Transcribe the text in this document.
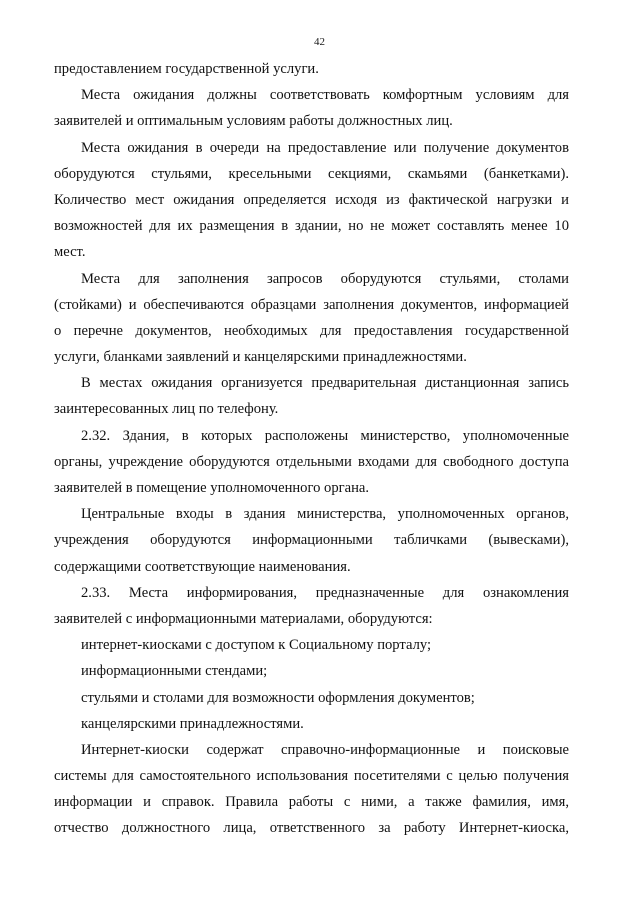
42
предоставлением государственной услуги.
Места ожидания должны соответствовать комфортным условиям для
заявителей и оптимальным условиям работы должностных лиц.
Места ожидания в очереди на предоставление или получение документов
оборудуются стульями, кресельными секциями, скамьями (банкетками).
Количество мест ожидания определяется исходя из фактической нагрузки и
возможностей для их размещения в здании, но не может составлять менее 10
мест.
Места для заполнения запросов оборудуются стульями, столами
(стойками) и обеспечиваются образцами заполнения документов, информацией
о перечне документов, необходимых для предоставления государственной
услуги, бланками заявлений и канцелярскими принадлежностями.
В местах ожидания организуется предварительная дистанционная запись
заинтересованных лиц по телефону.
2.32. Здания, в которых расположены министерство, уполномоченные
органы, учреждение оборудуются отдельными входами для свободного доступа
заявителей в помещение уполномоченного органа.
Центральные входы в здания министерства, уполномоченных органов,
учреждения оборудуются информационными табличками (вывесками),
содержащими соответствующие наименования.
2.33. Места информирования, предназначенные для ознакомления
заявителей с информационными материалами, оборудуются:
интернет-киосками с доступом к Социальному порталу;
информационными стендами;
стульями и столами для возможности оформления документов;
канцелярскими принадлежностями.
Интернет-киоски содержат справочно-информационные и поисковые
системы для самостоятельного использования посетителями с целью получения
информации и справок. Правила работы с ними, а также фамилия, имя,
отчество должностного лица, ответственного за работу Интернет-киоска,
